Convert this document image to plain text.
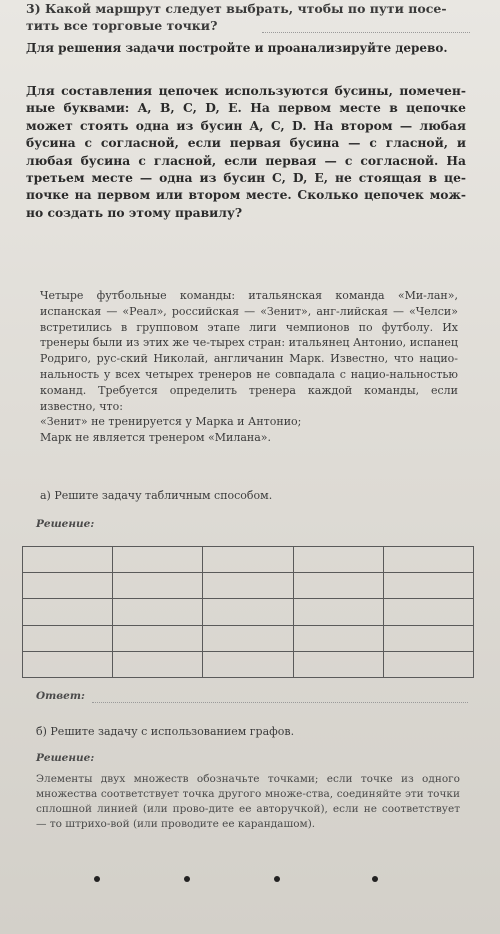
3) Какой маршрут следует выбрать, чтобы по пути посе-тить все торговые точки?

Для решения задачи постройте и проанализируйте дерево.

Для составления цепочек используются бусины, помечен-ные буквами: A, B, C, D, E. На первом месте в цепочке может стоять одна из бусин A, C, D. На втором — любая бусина с согласной, если первая бусина — с гласной, и любая бусина с гласной, если первая — с согласной. На третьем месте — одна из бусин C, D, E, не стоящая в це-почке на первом или втором месте. Сколько цепочек мож-но создать по этому правилу?

Четыре футбольные команды: итальянская команда «Ми-лан», испанская — «Реал», российская — «Зенит», анг-лийская — «Челси» встретились в групповом этапе лиги чемпионов по футболу. Их тренеры были из этих же че-тырех стран: итальянец Антонио, испанец Родриго, рус-ский Николай, англичанин Марк. Известно, что нацио-нальность у всех четырех тренеров не совпадала с нацио-нальностью команд. Требуется определить тренера каждой команды, если известно, что:

«Зенит» не тренируется у Марка и Антонио;

Марк не является тренером «Милана».

а) Решите задачу табличным способом.

Решение:

Ответ:

б) Решите задачу с использованием графов.

Решение:

Элементы двух множеств обозначьте точками; если точке из одного множества соответствует точка другого множе-ства, соединяйте эти точки сплошной линией (или прово-дите ее авторучкой), если не соответствует — то штрихо-вой (или проводите ее карандашом).
